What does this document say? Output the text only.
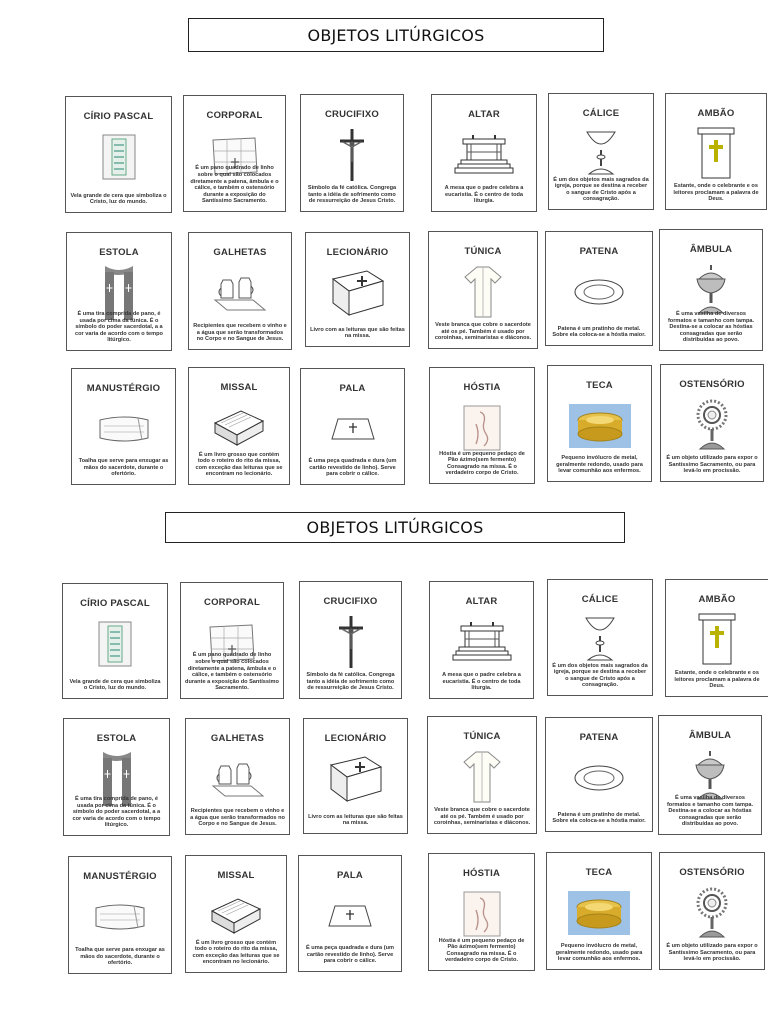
OBJETOS LITÚRGICOS
CÍRIO PASCAL
Vela grande de cera que simboliza o Cristo, luz do mundo.
CORPORAL
É um pano quadrado de linho sobre o qual são colocados diretamente a patena, âmbula e o cálice, e também o ostensório durante a exposição do Santíssimo Sacramento.
CRUCIFIXO
Símbolo da fé católica. Congrega tanto a idéia de sofrimento como de ressurreição de Jesus Cristo.
ALTAR
A mesa que o padre celebra a eucaristia. É o centro de toda liturgia.
CÁLICE
É um dos objetos mais sagrados da igreja, porque se destina a receber o sangue de Cristo após a consagração.
AMBÃO
Estante, onde o celebrante e os leitores proclamam a palavra de Deus.
ESTOLA
É uma tira comprida de pano, é usada por cima da túnica. É o símbolo do poder sacerdotal, a a cor varia de acordo com o tempo litúrgico.
GALHETAS
Recipientes que recebem o vinho e a água que serão transformados no Corpo e no Sangue de Jesus.
LECIONÁRIO
Livro com as leituras que são feitas na missa.
TÚNICA
Veste branca que cobre o sacerdote até os pé. Também é usado por coroinhas, seminaristas e diáconos.
PATENA
Patena é um pratinho de metal. Sobre ela coloca-se a hóstia maior.
ÂMBULA
É uma vasilha de diversos formatos e tamanho com tampa. Destina-se a colocar as hóstias consagradas que serão distribuídas ao povo.
MANUSTÉRGIO
Toalha que serve para enxugar as mãos do sacerdote, durante o ofertório.
MISSAL
É um livro grosso que contém todo o roteiro do rito da missa, com exceção das leituras que se encontram no lecionário.
PALA
É uma peça quadrada e dura (um cartão revestido de linho). Serve para cobrir o cálice.
HÓSTIA
Hóstia é um pequeno pedaço de Pão ázimo(sem fermento) Consagrado na missa. É o verdadeiro corpo de Cristo.
TECA
Pequeno invólucro de metal, geralmente redondo, usado para levar comunhão aos enfermos.
OSTENSÓRIO
É um objeto utilizado para expor o Santíssimo Sacramento, ou para levá-lo em procissão.
OBJETOS LITÚRGICOS
CÍRIO PASCAL
Vela grande de cera que simboliza o Cristo, luz do mundo.
CORPORAL
É um pano quadrado de linho sobre o qual são colocados diretamente a patena, âmbula e o cálice, e também o ostensório durante a exposição do Santíssimo Sacramento.
CRUCIFIXO
Símbolo da fé católica. Congrega tanto a idéia de sofrimento como de ressurreição de Jesus Cristo.
ALTAR
A mesa que o padre celebra a eucaristia. É o centro de toda liturgia.
CÁLICE
É um dos objetos mais sagrados da igreja, porque se destina a receber o sangue de Cristo após a consagração.
AMBÃO
Estante, onde o celebrante e os leitores proclamam a palavra de Deus.
ESTOLA
É uma tira comprida de pano, é usada por cima da túnica. É o símbolo do poder sacerdotal, a a cor varia de acordo com o tempo litúrgico.
GALHETAS
Recipientes que recebem o vinho e a água que serão transformados no Corpo e no Sangue de Jesus.
LECIONÁRIO
Livro com as leituras que são feitas na missa.
TÚNICA
Veste branca que cobre o sacerdote até os pé. Também é usado por coroinhas, seminaristas e diáconos.
PATENA
Patena é um pratinho de metal. Sobre ela coloca-se a hóstia maior.
ÂMBULA
É uma vasilha de diversos formatos e tamanho com tampa. Destina-se a colocar as hóstias consagradas que serão distribuídas ao povo.
MANUSTÉRGIO
Toalha que serve para enxugar as mãos do sacerdote, durante o ofertório.
MISSAL
É um livro grosso que contém todo o roteiro do rito da missa, com exceção das leituras que se encontram no lecionário.
PALA
É uma peça quadrada e dura (um cartão revestido de linho). Serve para cobrir o cálice.
HÓSTIA
Hóstia é um pequeno pedaço de Pão ázimo(sem fermento) Consagrado na missa. É o verdadeiro corpo de Cristo.
TECA
Pequeno invólucro de metal, geralmente redondo, usado para levar comunhão aos enfermos.
OSTENSÓRIO
É um objeto utilizado para expor o Santíssimo Sacramento, ou para levá-lo em procissão.
